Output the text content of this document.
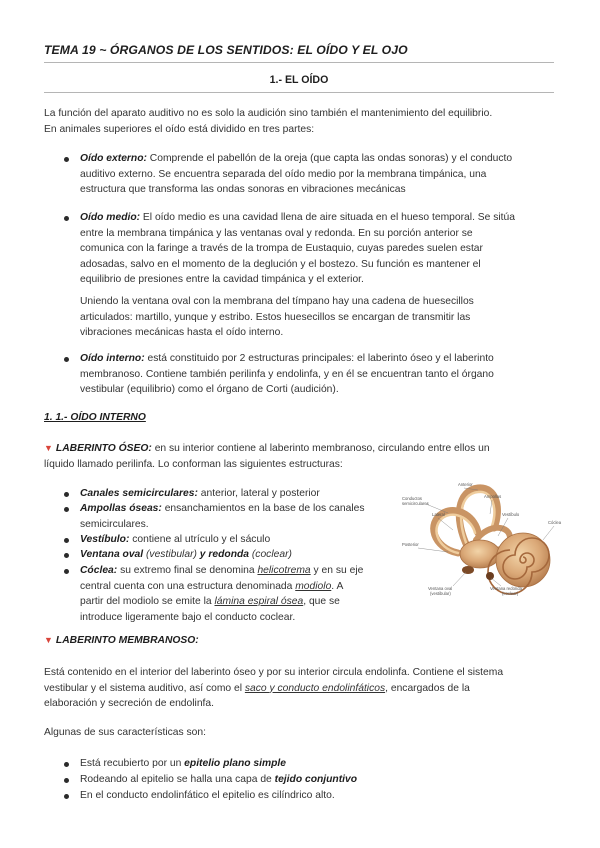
TEMA 19 ~ ÓRGANOS DE LOS SENTIDOS: EL OÍDO Y EL OJO
1.- EL OÍDO
La función del aparato auditivo no es solo la audición sino también el mantenimiento del equilibrio.
En animales superiores el oído está dividido en tres partes:
Oído externo: Comprende el pabellón de la oreja (que capta las ondas sonoras) y el conducto
auditivo externo. Se encuentra separada del oído medio por la membrana timpánica, una
estructura que transforma las ondas sonoras en vibraciones mecánicas
Oído medio: El oído medio es una cavidad llena de aire situada en el hueso temporal. Se sitúa
entre la membrana timpánica y las ventanas oval y redonda. En su porción anterior se
comunica con la faringe a través de la trompa de Eustaquio, cuyas paredes suelen estar
adosadas, salvo en el momento de la deglución y el bostezo. Su función es mantener el
equilibrio de presiones entre la cavidad timpánica y el exterior.
Uniendo la ventana oval con la membrana del tímpano hay una cadena de huesecillos
articulados: martillo, yunque y estribo. Estos huesecillos se encargan de transmitir las
vibraciones mecánicas hasta el oído interno.
Oído interno: está constituido por 2 estructuras principales: el laberinto óseo y el laberinto
membranoso. Contiene también perilinfa y endolinfa, y en él se encuentran tanto el órgano
vestibular (equilibrio) como el órgano de Corti (audición).
1. 1.- OÍDO INTERNO
▼ LABERINTO ÓSEO: en su interior contiene al laberinto membranoso, circulando entre ellos un
líquido llamado perilinfa. Lo conforman las siguientes estructuras:
Canales semicirculares: anterior, lateral y posterior
Ampollas óseas: ensanchamientos en la base de los canales
semicirculares.
Vestíbulo: contiene al utrículo y el sáculo
Ventana oval (vestibular) y redonda (coclear)
Cóclea: su extremo final se denomina helicotrema y en su eje
central cuenta con una estructura denominada modiolo. A
partir del modiolo se emite la lámina espiral ósea, que se
introduce ligeramente bajo el conducto coclear.
Anterior
Conductos
semicirculares
Ampollas
Lateral	Vestíbulo
Cóclea
Posterior
Ventana oval
(vestibular)
Ventana redonda
(coclear)
▼ LABERINTO MEMBRANOSO:
Está contenido en el interior del laberinto óseo y por su interior circula endolinfa. Contiene el sistema
vestibular y el sistema auditivo, así como el saco y conducto endolinfáticos, encargados de la
elaboración y secreción de endolinfa.
Algunas de sus características son:
Está recubierto por un epitelio plano simple
Rodeando al epitelio se halla una capa de tejido conjuntivo
En el conducto endolinfático el epitelio es cilíndrico alto.
